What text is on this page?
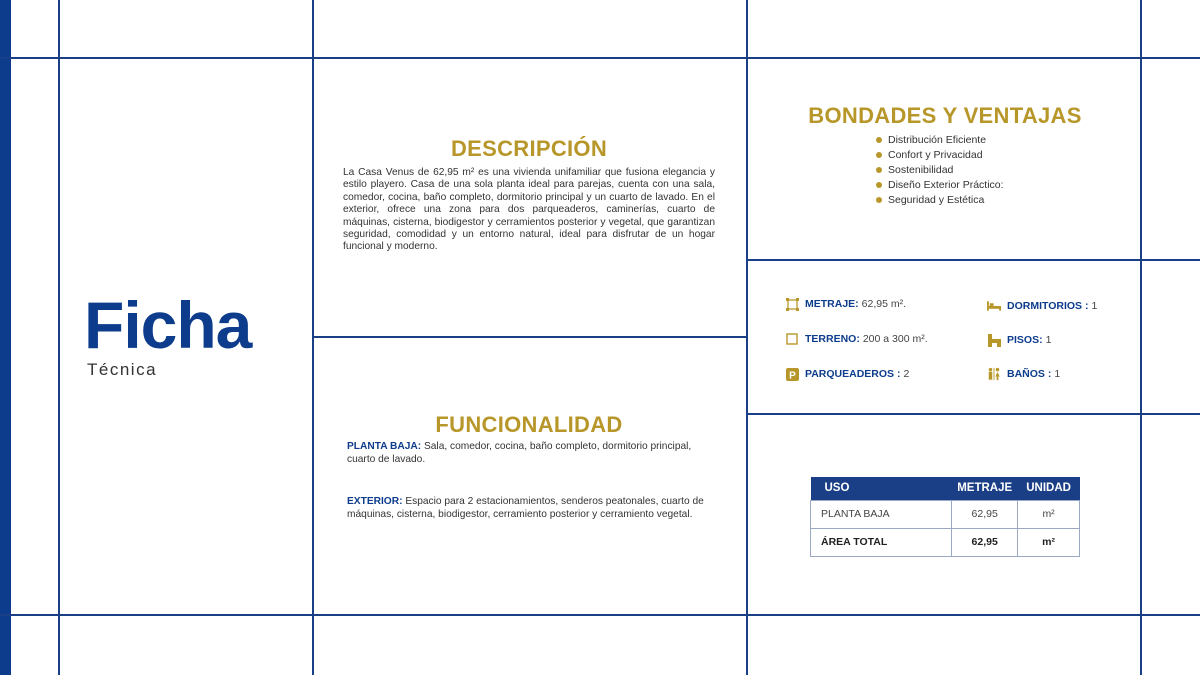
Ficha
Técnica
DESCRIPCIÓN
La Casa Venus de 62,95 m² es una vivienda unifamiliar que fusiona elegancia y estilo playero. Casa de una sola planta ideal para parejas, cuenta con una sala, comedor, cocina, baño completo, dormitorio principal y un cuarto de lavado. En el exterior, ofrece una zona para dos parqueaderos, caminerías, cuarto de máquinas, cisterna, biodigestor y cerramientos posterior y vegetal, que garantizan seguridad, comodidad y un entorno natural, ideal para disfrutar de un hogar funcional y moderno.
FUNCIONALIDAD
PLANTA BAJA: Sala, comedor, cocina, baño completo, dormitorio principal, cuarto de lavado.
EXTERIOR: Espacio para 2 estacionamientos, senderos peatonales, cuarto de máquinas, cisterna, biodigestor, cerramiento posterior y cerramiento vegetal.
BONDADES Y VENTAJAS
Distribución Eficiente
Confort y Privacidad
Sostenibilidad
Diseño Exterior Práctico:
Seguridad y Estética
METRAJE: 62,95 m².
TERRENO: 200 a 300 m².
P PARQUEADEROS : 2
DORMITORIOS : 1
PISOS: 1
BAÑOS : 1
USO	METRAJE	UNIDAD
PLANTA BAJA	62,95	m²
ÁREA TOTAL	62,95	m²
